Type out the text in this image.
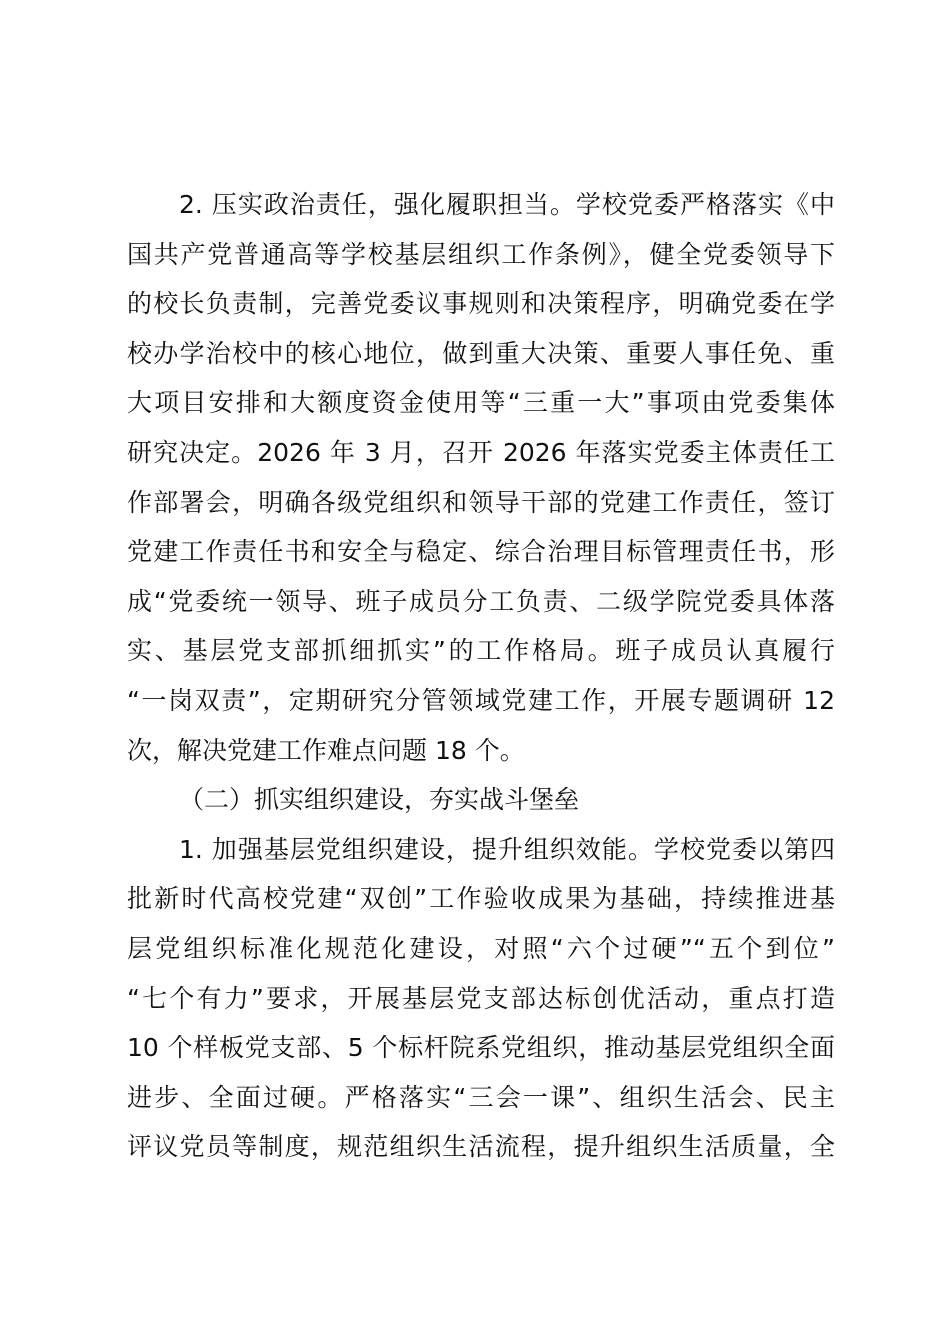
2. 压实政治责任，强化履职担当。学校党委严格落实《中
国共产党普通高等学校基层组织工作条例》，健全党委领导下
的校长负责制，完善党委议事规则和决策程序，明确党委在学
校办学治校中的核心地位，做到重大决策、重要人事任免、重
大项目安排和大额度资金使用等“三重一大”事项由党委集体
研究决定。2026 年 3 月，召开 2026 年落实党委主体责任工
作部署会，明确各级党组织和领导干部的党建工作责任，签订
党建工作责任书和安全与稳定、综合治理目标管理责任书，形
成“党委统一领导、班子成员分工负责、二级学院党委具体落
实、基层党支部抓细抓实”的工作格局。班子成员认真履行
“一岗双责”，定期研究分管领域党建工作，开展专题调研 12
次，解决党建工作难点问题 18 个。
（二）抓实组织建设，夯实战斗堡垒
1. 加强基层党组织建设，提升组织效能。学校党委以第四
批新时代高校党建“双创”工作验收成果为基础，持续推进基
层党组织标准化规范化建设，对照“六个过硬”“五个到位”
“七个有力”要求，开展基层党支部达标创优活动，重点打造
10 个样板党支部、5 个标杆院系党组织，推动基层党组织全面
进步、全面过硬。严格落实“三会一课”、组织生活会、民主
评议党员等制度，规范组织生活流程，提升组织生活质量，全
